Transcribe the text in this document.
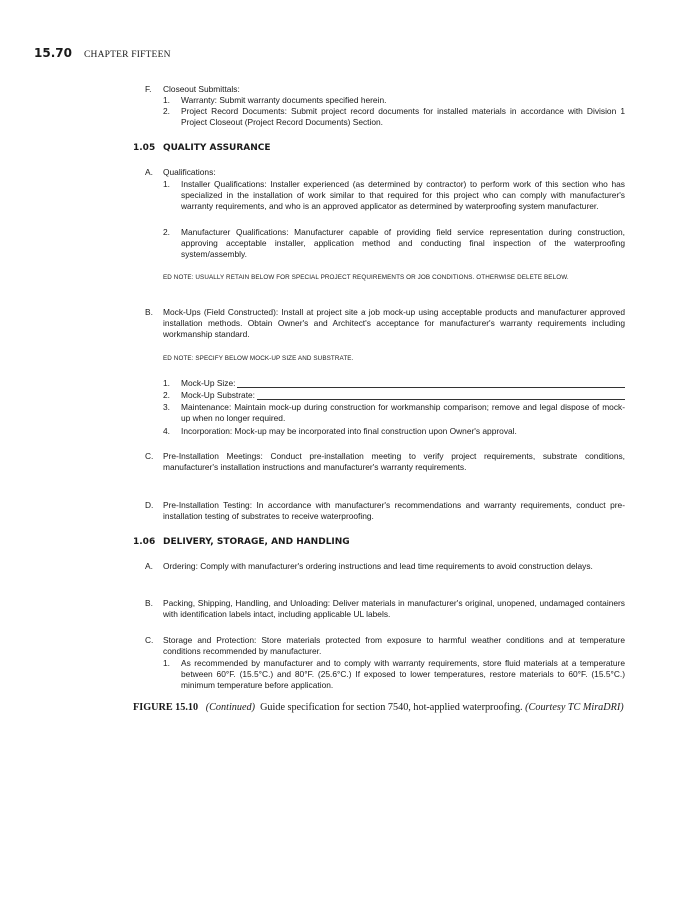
15.70 CHAPTER FIFTEEN
F. Closeout Submittals:
1. Warranty: Submit warranty documents specified herein.
2. Project Record Documents: Submit project record documents for installed materials in accordance with Division 1 Project Closeout (Project Record Documents) Section.
1.05 QUALITY ASSURANCE
A. Qualifications:
1. Installer Qualifications: Installer experienced (as determined by contractor) to perform work of this section who has specialized in the installation of work similar to that required for this project who can comply with manufacturer's warranty requirements, and who is an approved applicator as determined by waterproofing system manufacturer.
2. Manufacturer Qualifications: Manufacturer capable of providing field service representation during construction, approving acceptable installer, application method and conducting final inspection of the waterproofing system/assembly.
ED NOTE: USUALLY RETAIN BELOW FOR SPECIAL PROJECT REQUIREMENTS OR JOB CONDITIONS. OTHERWISE DELETE BELOW.
B. Mock-Ups (Field Constructed): Install at project site a job mock-up using acceptable products and manufacturer approved installation methods. Obtain Owner's and Architect's acceptance for manufacturer's warranty requirements including workmanship standard.
ED NOTE: SPECIFY BELOW MOCK-UP SIZE AND SUBSTRATE.
1. Mock-Up Size:
2. Mock-Up Substrate:
3. Maintenance: Maintain mock-up during construction for workmanship comparison; remove and legal dispose of mock-up when no longer required.
4. Incorporation: Mock-up may be incorporated into final construction upon Owner's approval.
C. Pre-Installation Meetings: Conduct pre-installation meeting to verify project requirements, substrate conditions, manufacturer's installation instructions and manufacturer's warranty requirements.
D. Pre-Installation Testing: In accordance with manufacturer's recommendations and warranty requirements, conduct pre-installation testing of substrates to receive waterproofing.
1.06 DELIVERY, STORAGE, AND HANDLING
A. Ordering: Comply with manufacturer's ordering instructions and lead time requirements to avoid construction delays.
B. Packing, Shipping, Handling, and Unloading: Deliver materials in manufacturer's original, unopened, undamaged containers with identification labels intact, including applicable UL labels.
C. Storage and Protection: Store materials protected from exposure to harmful weather conditions and at temperature conditions recommended by manufacturer.
1. As recommended by manufacturer and to comply with warranty requirements, store fluid materials at a temperature between 60°F. (15.5°C.) and 80°F. (25.6°C.) If exposed to lower temperatures, restore materials to 60°F. (15.5°C.) minimum temperature before application.
FIGURE 15.10 (Continued) Guide specification for section 7540, hot-applied waterproofing. (Courtesy TC MiraDRI)
